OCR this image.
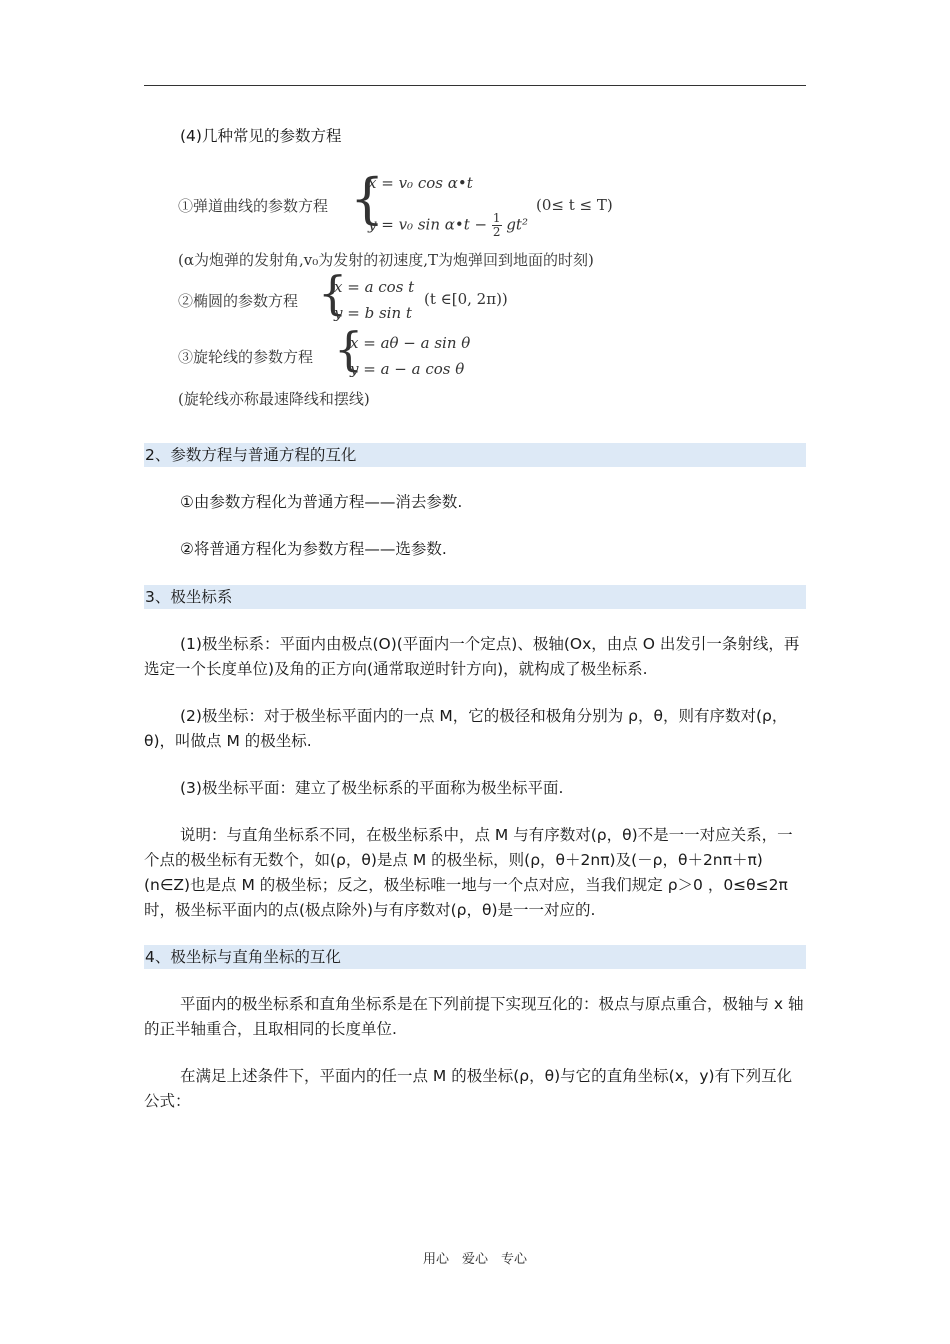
(4)几种常见的参数方程

①弹道曲线的参数方程 {
x = v₀ cos α•t
y = v₀ sin α•t − $\frac{1}{2} gt^2$
(0≤ t ≤ T)
(α为炮弹的发射角,v₀为发射的初速度,T为炮弹回到地面的时刻)
②椭圆的参数方程 {
x = a cos t
y = b sin t
(t ∈[0, 2π))
③旋轮线的参数方程 {
x = aθ − a sin θ
y = a − a cos θ
(旋轮线亦称最速降线和摆线)
2、参数方程与普通方程的互化

①由参数方程化为普通方程——消去参数.

②将普通方程化为参数方程——选参数.

3、极坐标系

(1)极坐标系：平面内由极点(O)(平面内一个定点)、极轴(Ox，由点 O 出发引一条射线，再选定一个长度单位)及角的正方向(通常取逆时针方向)，就构成了极坐标系.

(2)极坐标：对于极坐标平面内的一点 M，它的极径和极角分别为 ρ，θ，则有序数对(ρ，θ)，叫做点 M 的极坐标.

(3)极坐标平面：建立了极坐标系的平面称为极坐标平面.

说明：与直角坐标系不同，在极坐标系中，点 M 与有序数对(ρ，θ)不是一一对应关系，一个点的极坐标有无数个，如(ρ，θ)是点 M 的极坐标，则(ρ，θ＋2nπ)及(－ρ，θ＋2nπ＋π)(n∈Z)也是点 M 的极坐标；反之，极坐标唯一地与一个点对应，当我们规定 ρ＞0 ，0≤θ≤2π 时，极坐标平面内的点(极点除外)与有序数对(ρ，θ)是一一对应的.

4、极坐标与直角坐标的互化

平面内的极坐标系和直角坐标系是在下列前提下实现互化的：极点与原点重合，极轴与 x 轴的正半轴重合，且取相同的长度单位.

在满足上述条件下，平面内的任一点 M 的极坐标(ρ，θ)与它的直角坐标(x，y)有下列互化公式：

用心　爱心　专心
